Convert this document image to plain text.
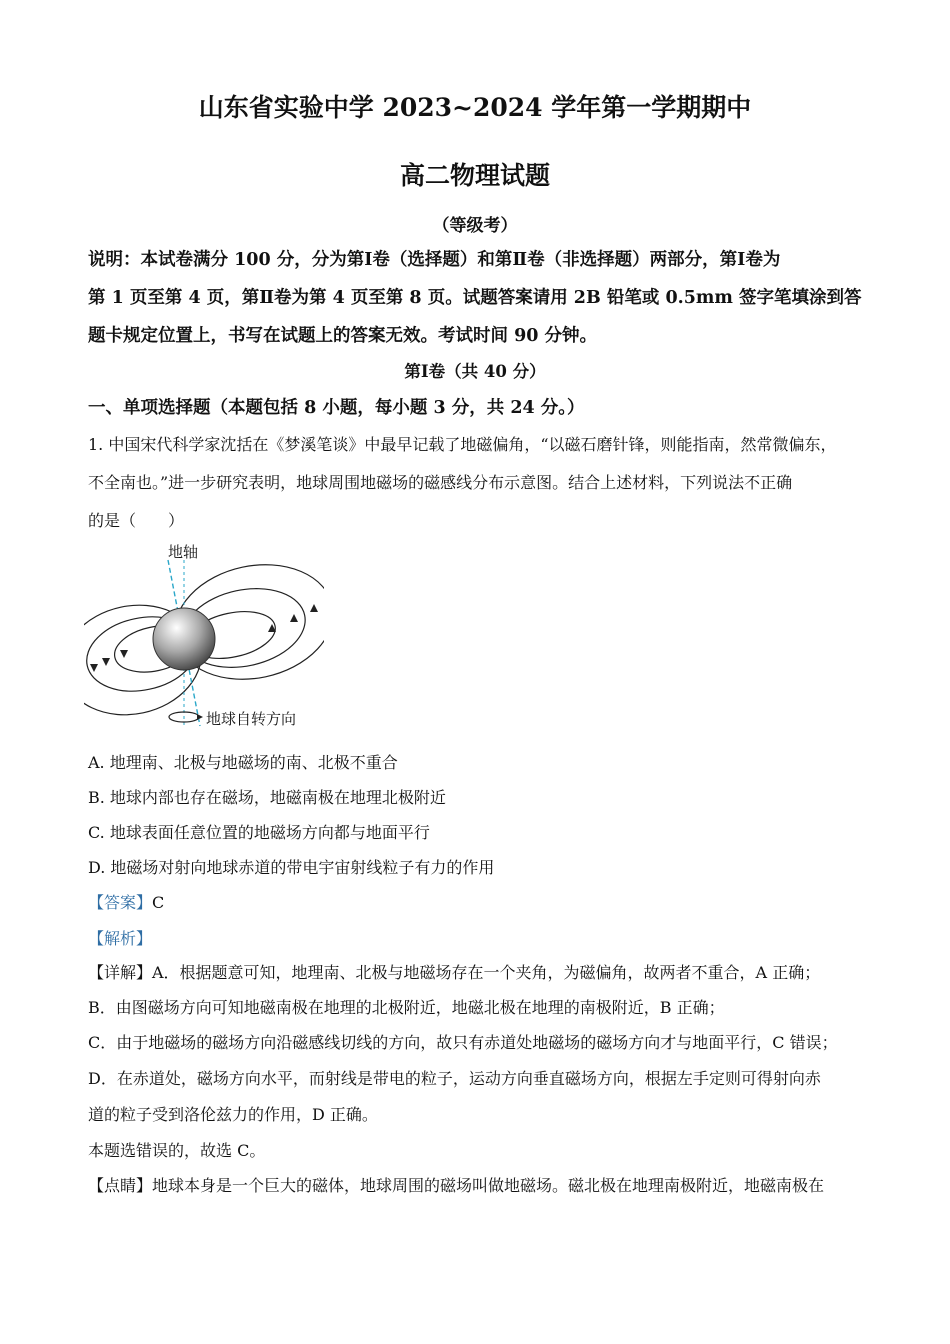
山东省实验中学 2023~2024 学年第一学期期中
高二物理试题
（等级考）
说明：本试卷满分 100 分，分为第Ⅰ卷（选择题）和第Ⅱ卷（非选择题）两部分，第Ⅰ卷为
第 1 页至第 4 页，第Ⅱ卷为第 4 页至第 8 页。试题答案请用 2B 铅笔或 0.5mm 签字笔填涂到答
题卡规定位置上，书写在试题上的答案无效。考试时间 90 分钟。
第Ⅰ卷（共 40 分）
一、单项选择题（本题包括 8 小题，每小题 3 分，共 24 分。）
1. 中国宋代科学家沈括在《梦溪笔谈》中最早记载了地磁偏角，“以磁石磨针锋，则能指南，然常微偏东，
不全南也。”进一步研究表明，地球周围地磁场的磁感线分布示意图。结合上述材料，下列说法不正确
的是（　　）
地轴
地球自转方向
A. 地理南、北极与地磁场的南、北极不重合
B. 地球内部也存在磁场，地磁南极在地理北极附近
C. 地球表面任意位置的地磁场方向都与地面平行
D. 地磁场对射向地球赤道的带电宇宙射线粒子有力的作用
【答案】C
【解析】
【详解】A．根据题意可知，地理南、北极与地磁场存在一个夹角，为磁偏角，故两者不重合，A 正确；
B．由图磁场方向可知地磁南极在地理的北极附近，地磁北极在地理的南极附近，B 正确；
C．由于地磁场的磁场方向沿磁感线切线的方向，故只有赤道处地磁场的磁场方向才与地面平行，C 错误；
D．在赤道处，磁场方向水平，而射线是带电的粒子，运动方向垂直磁场方向，根据左手定则可得射向赤
道的粒子受到洛伦兹力的作用，D 正确。
本题选错误的，故选 C。
【点睛】地球本身是一个巨大的磁体，地球周围的磁场叫做地磁场。磁北极在地理南极附近，地磁南极在
